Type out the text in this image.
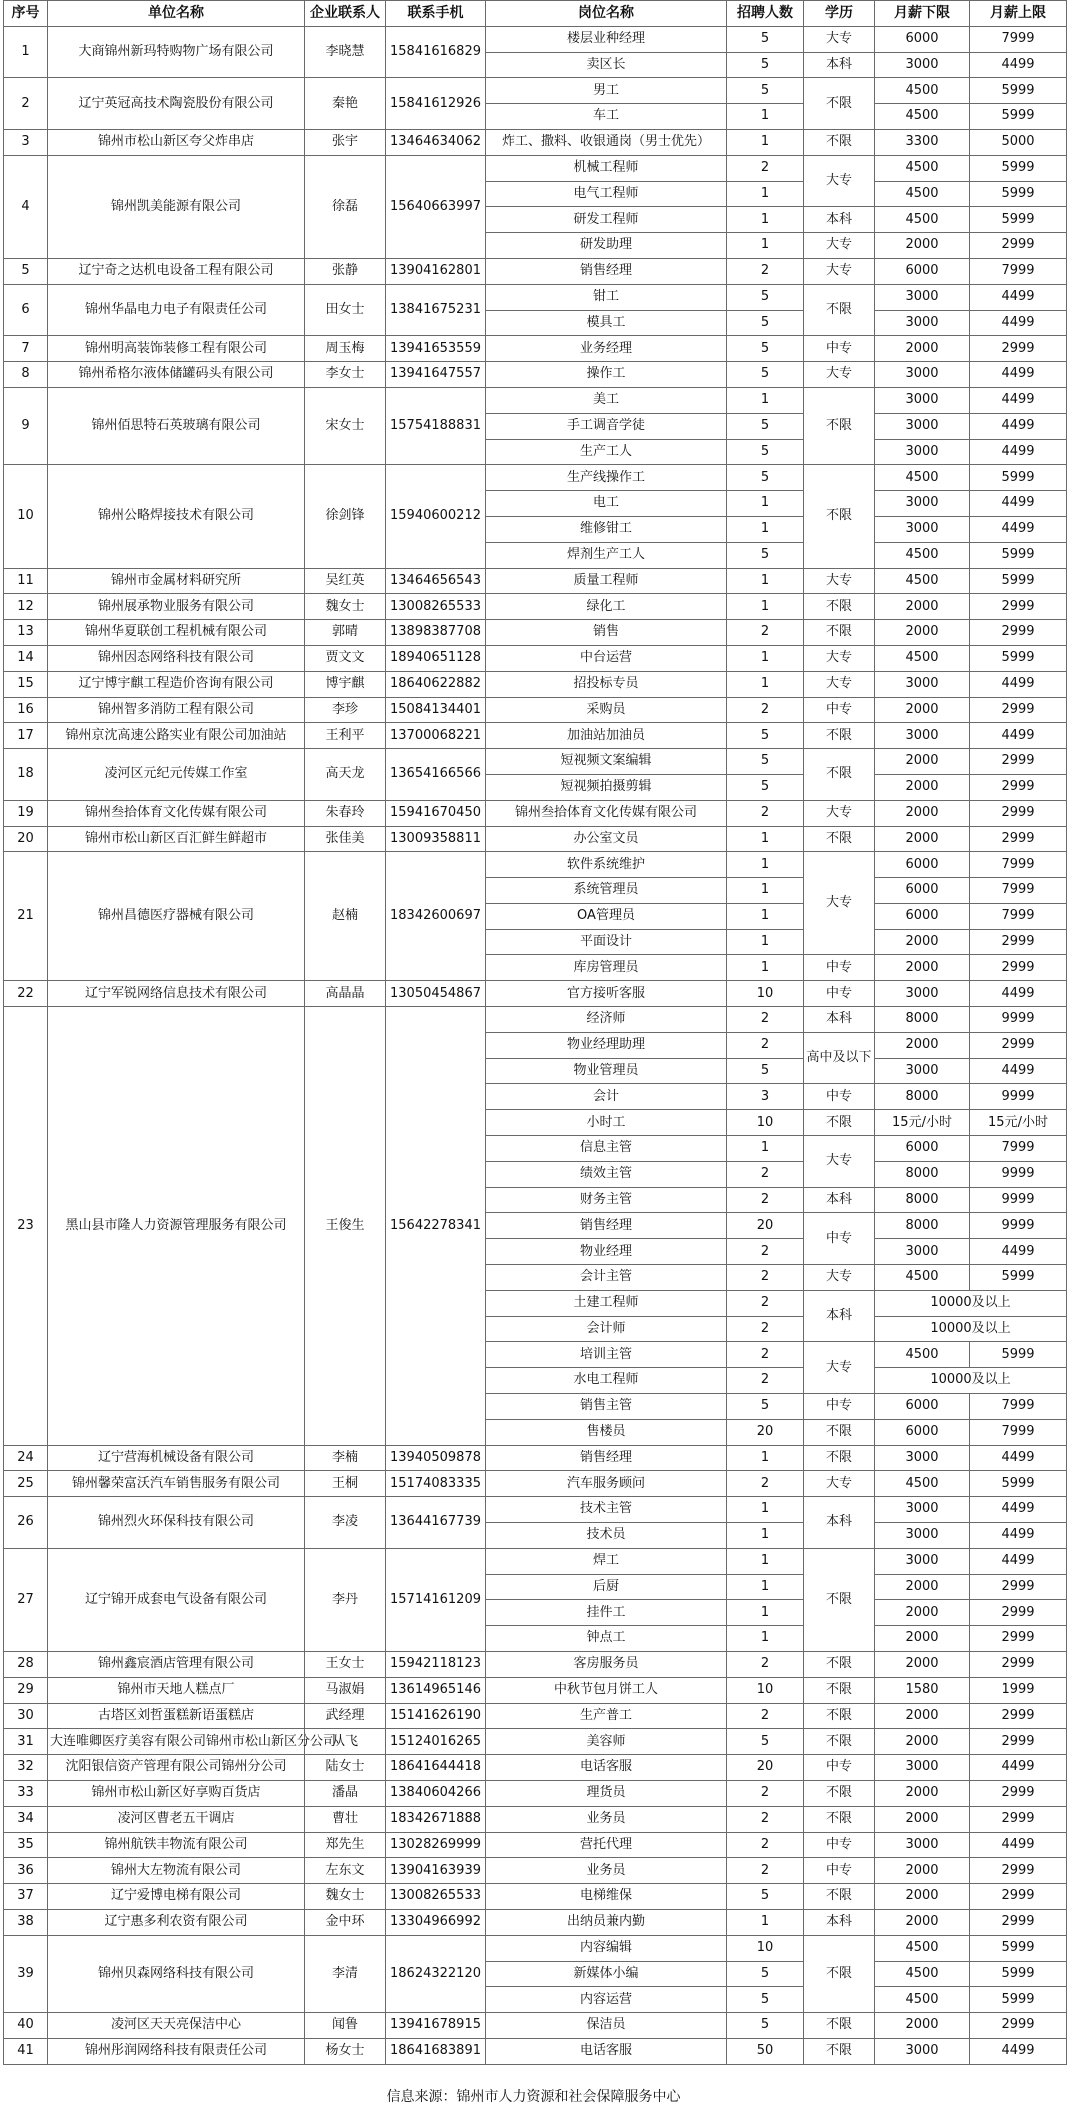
序号	单位名称	企业联系人	联系手机	岗位名称	招聘人数	学历	月薪下限	月薪上限
1	大商锦州新玛特购物广场有限公司	李晓慧	15841616829	楼层业种经理	5	大专	6000	7999
				卖区长	5	本科	3000	4499
2	辽宁英冠高技术陶瓷股份有限公司	秦艳	15841612926	男工	5	不限	4500	5999
				车工	1		4500	5999
3	锦州市松山新区夸父炸串店	张宇	13464634062	炸工、撒料、收银通岗（男士优先）	1	不限	3300	5000
4	锦州凯美能源有限公司	徐磊	15640663997	机械工程师	2	大专	4500	5999
				电气工程师	1		4500	5999
				研发工程师	1	本科	4500	5999
				研发助理	1	大专	2000	2999
5	辽宁奇之达机电设备工程有限公司	张静	13904162801	销售经理	2	大专	6000	7999
6	锦州华晶电力电子有限责任公司	田女士	13841675231	钳工	5	不限	3000	4499
				模具工	5		3000	4499
7	锦州明高装饰装修工程有限公司	周玉梅	13941653559	业务经理	5	中专	2000	2999
8	锦州希格尔液体储罐码头有限公司	李女士	13941647557	操作工	5	大专	3000	4499
9	锦州佰思特石英玻璃有限公司	宋女士	15754188831	美工	1	不限	3000	4499
				手工调音学徒	5		3000	4499
				生产工人	5		3000	4499
10	锦州公略焊接技术有限公司	徐剑锋	15940600212	生产线操作工	5	不限	4500	5999
				电工	1		3000	4499
				维修钳工	1		3000	4499
				焊剂生产工人	5		4500	5999
11	锦州市金属材料研究所	吴红英	13464656543	质量工程师	1	大专	4500	5999
12	锦州展承物业服务有限公司	魏女士	13008265533	绿化工	1	不限	2000	2999
13	锦州华夏联创工程机械有限公司	郭晴	13898387708	销售	2	不限	2000	2999
14	锦州因态网络科技有限公司	贾文文	18940651128	中台运营	1	大专	4500	5999
15	辽宁博宇麒工程造价咨询有限公司	博宇麒	18640622882	招投标专员	1	大专	3000	4499
16	锦州智多消防工程有限公司	李珍	15084134401	采购员	2	中专	2000	2999
17	锦州京沈高速公路实业有限公司加油站	王利平	13700068221	加油站加油员	5	不限	3000	4499
18	凌河区元纪元传媒工作室	高天龙	13654166566	短视频文案编辑	5	不限	2000	2999
				短视频拍摄剪辑	5		2000	2999
19	锦州叁拾体育文化传媒有限公司	朱春玲	15941670450	锦州叁拾体育文化传媒有限公司	2	大专	2000	2999
20	锦州市松山新区百汇鲜生鲜超市	张佳美	13009358811	办公室文员	1	不限	2000	2999
21	锦州昌德医疗器械有限公司	赵楠	18342600697	软件系统维护	1	大专	6000	7999
				系统管理员	1		6000	7999
				OA管理员	1		6000	7999
				平面设计	1		2000	2999
				库房管理员	1	中专	2000	2999
22	辽宁军锐网络信息技术有限公司	高晶晶	13050454867	官方接听客服	10	中专	3000	4499
23	黑山县市隆人力资源管理服务有限公司	王俊生	15642278341	经济师	2	本科	8000	9999
				物业经理助理	2	高中及以下	2000	2999
				物业管理员	5		3000	4499
				会计	3	中专	8000	9999
				小时工	10	不限	15元/小时	15元/小时
				信息主管	1	大专	6000	7999
				绩效主管	2		8000	9999
				财务主管	2	本科	8000	9999
				销售经理	20	中专	8000	9999
				物业经理	2		3000	4499
				会计主管	2	大专	4500	5999
				土建工程师	2	本科	10000及以上	
				会计师	2		10000及以上	
				培训主管	2	大专	4500	5999
				水电工程师	2		10000及以上	
				销售主管	5	中专	6000	7999
				售楼员	20	不限	6000	7999
24	辽宁营海机械设备有限公司	李楠	13940509878	销售经理	1	不限	3000	4499
25	锦州馨荣富沃汽车销售服务有限公司	王桐	15174083335	汽车服务顾问	2	大专	4500	5999
26	锦州烈火环保科技有限公司	李凌	13644167739	技术主管	1	本科	3000	4499
				技术员	1		3000	4499
27	辽宁锦开成套电气设备有限公司	李丹	15714161209	焊工	1	不限	3000	4499
				后厨	1		2000	2999
				挂件工	1		2000	2999
				钟点工	1		2000	2999
28	锦州鑫宸酒店管理有限公司	王女士	15942118123	客房服务员	2	不限	2000	2999
29	锦州市天地人糕点厂	马淑娟	13614965146	中秋节包月饼工人	10	不限	1580	1999
30	古塔区刘哲蛋糕新语蛋糕店	武经理	15141626190	生产普工	2	不限	2000	2999
31	大连唯卿医疗美容有限公司锦州市松山新区分公司	从飞	15124016265	美容师	5	不限	2000	2999
32	沈阳银信资产管理有限公司锦州分公司	陆女士	18641644418	电话客服	20	中专	3000	4499
33	锦州市松山新区好享购百货店	潘晶	13840604266	理货员	2	不限	2000	2999
34	凌河区曹老五干调店	曹壮	18342671888	业务员	2	不限	2000	2999
35	锦州航铁丰物流有限公司	郑先生	13028269999	营托代理	2	中专	3000	4499
36	锦州大左物流有限公司	左东文	13904163939	业务员	2	中专	2000	2999
37	辽宁爱博电梯有限公司	魏女士	13008265533	电梯维保	5	不限	2000	2999
38	辽宁惠多利农资有限公司	金中环	13304966992	出纳员兼内勤	1	本科	2000	2999
39	锦州贝森网络科技有限公司	李清	18624322120	内容编辑	10	不限	4500	5999
				新媒体小编	5		4500	5999
				内容运营	5		4500	5999
40	凌河区天天亮保洁中心	闻鲁	13941678915	保洁员	5	不限	2000	2999
41	锦州彤润网络科技有限责任公司	杨女士	18641683891	电话客服	50	不限	3000	4499
信息来源：锦州市人力资源和社会保障服务中心
